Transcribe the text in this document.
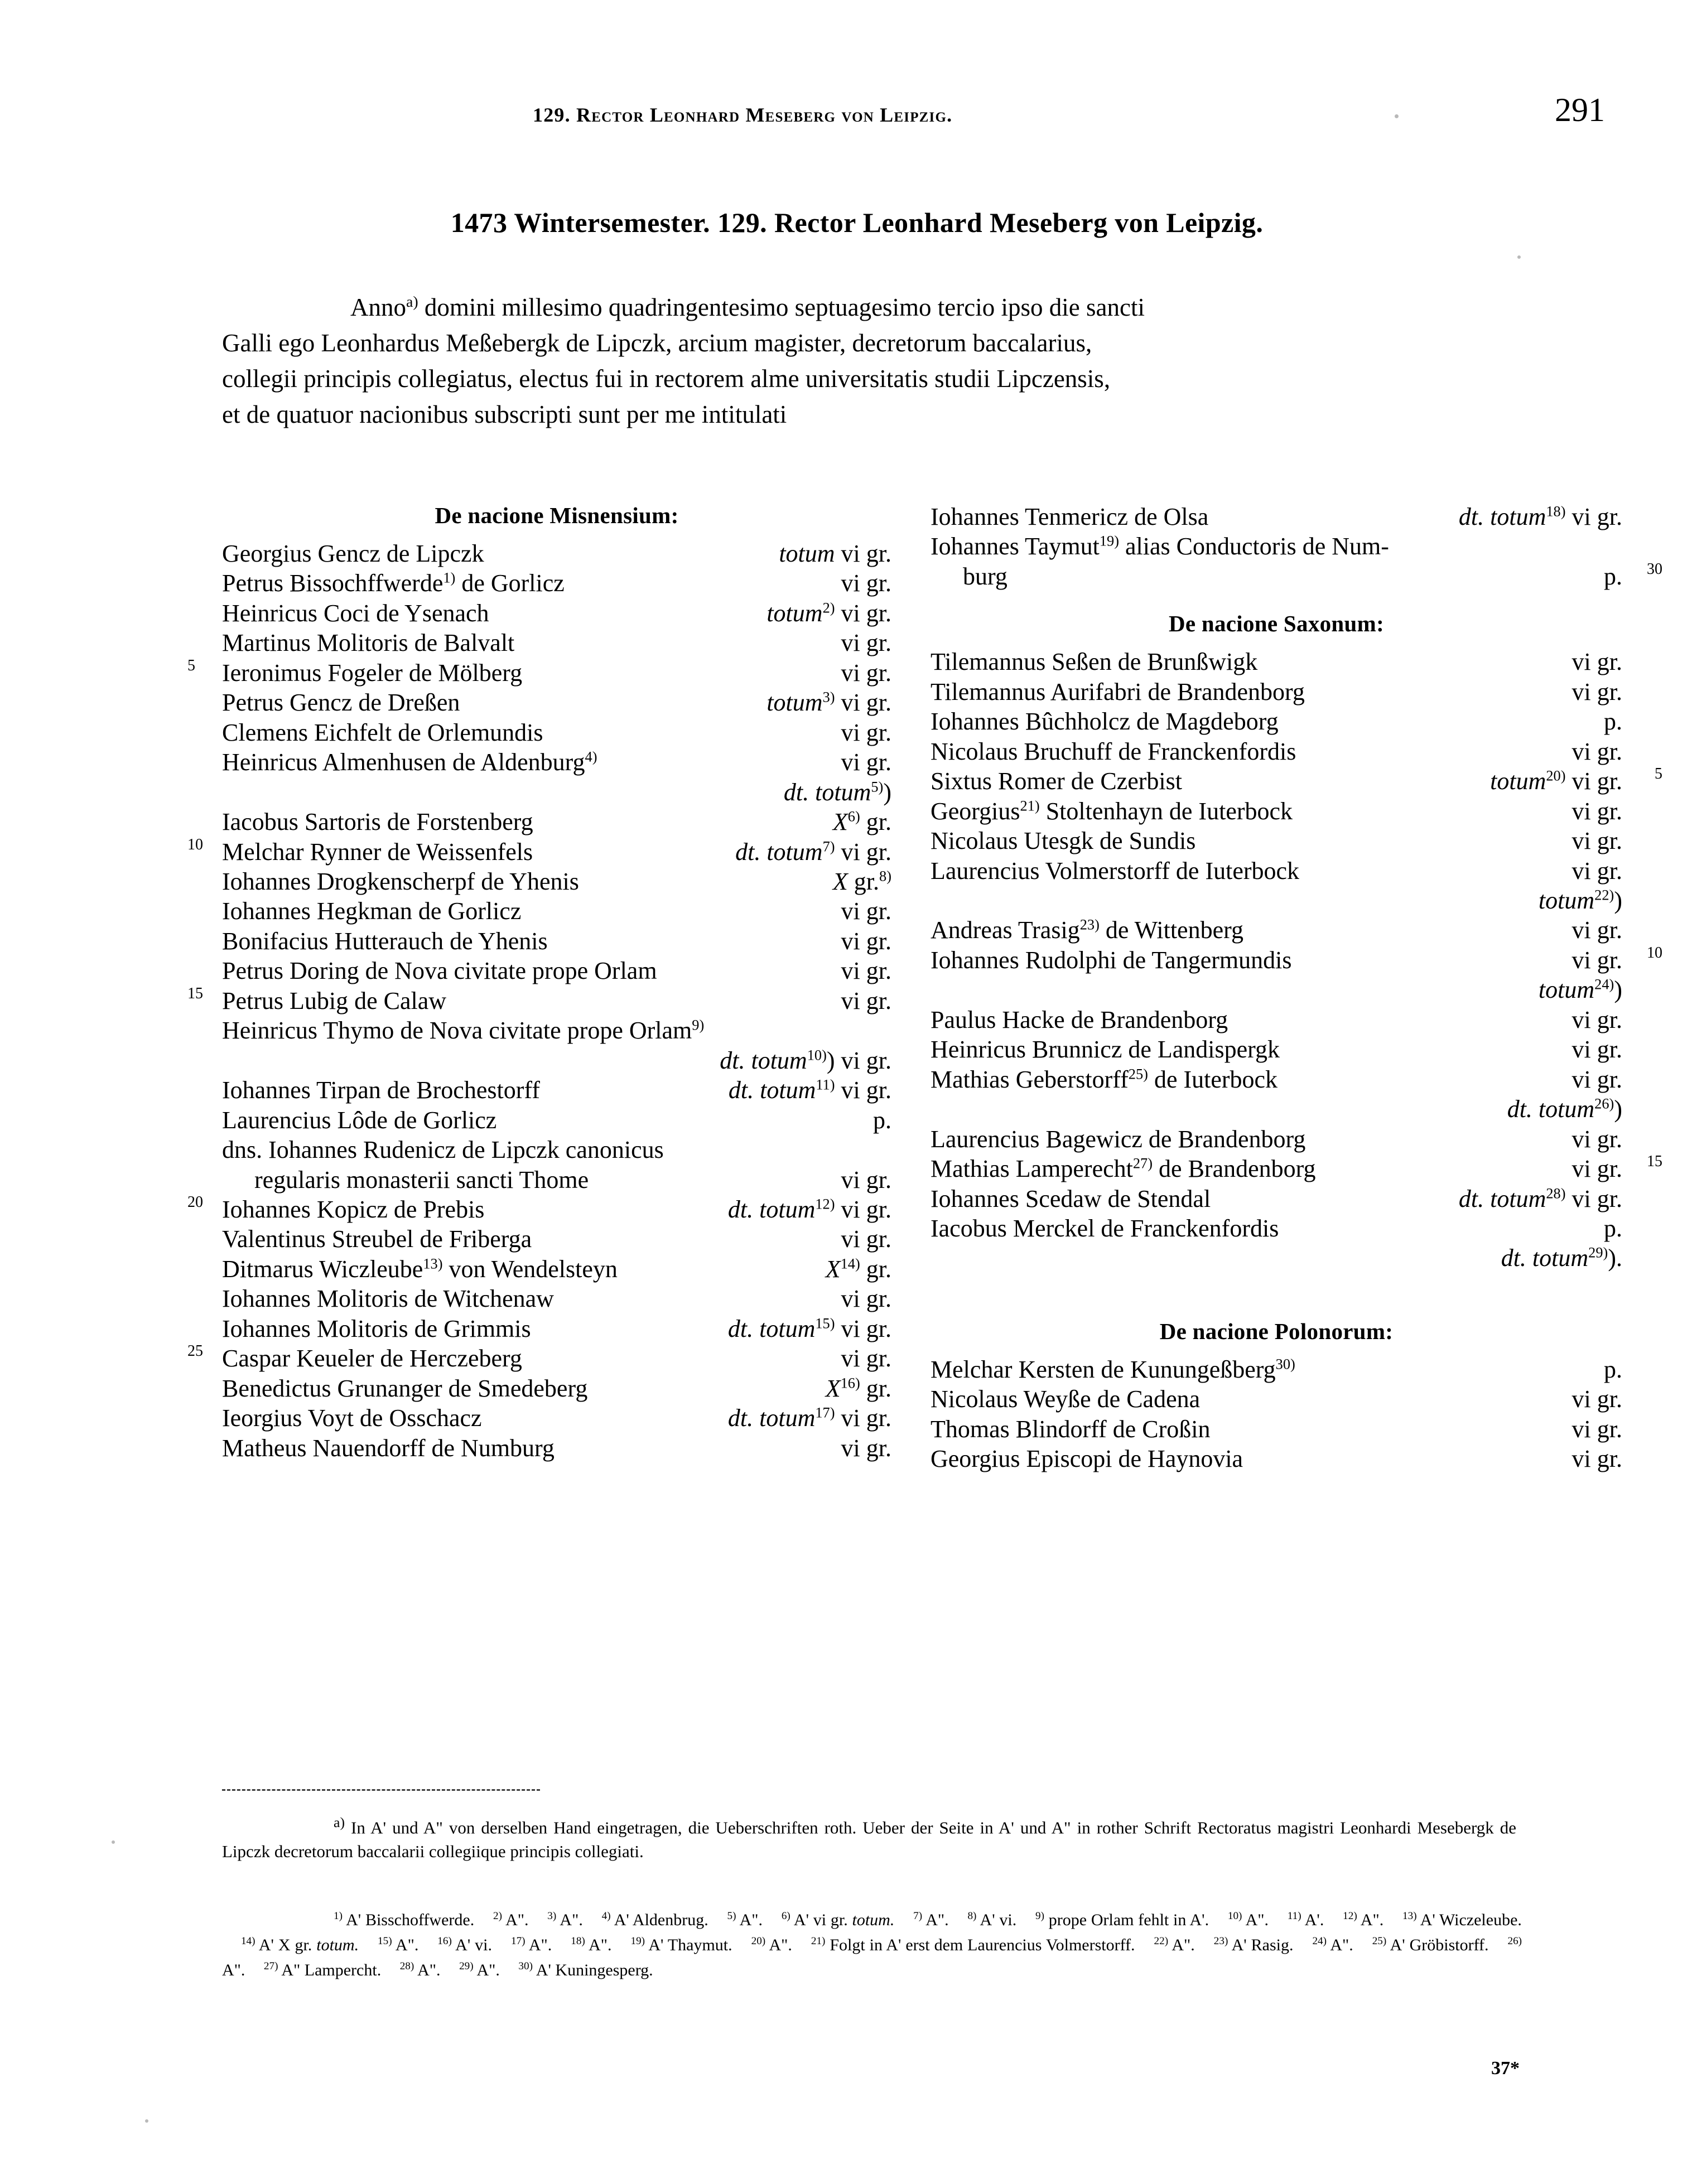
129. Rector Leonhard Meseberg von Leipzig.	291
1473 Wintersemester. 129. Rector Leonhard Meseberg von Leipzig.
Anno$^{a)}$ domini millesimo quadringentesimo septuagesimo tercio ipso die sancti
Galli ego Leonhardus Meßebergk de Lipczk, arcium magister, decretorum baccalarius,
collegii principis collegiatus, electus fui in rectorem alme universitatis studii Lipczensis,
et de quatuor nacionibus subscripti sunt per me intitulati
De nacione Misnensium:
Georgius Gencz de Lipczk	totum vi gr.
Petrus Bissochffwerde$^{1)}$ de Gorlicz	vi gr.
Heinricus Coci de Ysenach	totum$^{2)}$ vi gr.
Martinus Molitoris de Balvalt	vi gr.
5 Ieronimus Fogeler de Mölberg	vi gr.
Petrus Gencz de Dreßen	totum$^{3)}$ vi gr.
Clemens Eichfelt de Orlemundis	vi gr.
Heinricus Almenhusen de Aldenburg$^{4)}$	vi gr.
dt. totum$^{5)}$)
Iacobus Sartoris de Forstenberg	X$^{6)}$ gr.
10 Melchar Rynner de Weissenfels	dt. totum$^{7)}$ vi gr.
Iohannes Drogkenscherpf de Yhenis	X gr.$^{8)}$
Iohannes Hegkman de Gorlicz	vi gr.
Bonifacius Hutterauch de Yhenis	vi gr.
Petrus Doring de Nova civitate prope Orlam	vi gr.
15 Petrus Lubig de Calaw	vi gr.
Heinricus Thymo de Nova civitate prope Orlam$^{9)}$
dt. totum$^{10)}$) vi gr.
Iohannes Tirpan de Brochestorff	dt. totum$^{11)}$ vi gr.
Laurencius Lôde de Gorlicz	p.
dns. Iohannes Rudenicz de Lipczk canonicus
regularis monasterii sancti Thome	vi gr.
20 Iohannes Kopicz de Prebis	dt. totum$^{12)}$ vi gr.
Valentinus Streubel de Friberga	vi gr.
Ditmarus Wiczleube$^{13)}$ von Wendelsteyn	X$^{14)}$ gr.
Iohannes Molitoris de Witchenaw	vi gr.
Iohannes Molitoris de Grimmis	dt. totum$^{15)}$ vi gr.
25 Caspar Keueler de Herczeberg	vi gr.
Benedictus Grunanger de Smedeberg	X$^{16)}$ gr.
Ieorgius Voyt de Osschacz	dt. totum$^{17)}$ vi gr.
Matheus Nauendorff de Numburg	vi gr.
Iohannes Tenmericz de Olsa	dt. totum$^{18)}$ vi gr.
Iohannes Taymut$^{19)}$ alias Conductoris de Num-
30
burg	p.
De nacione Saxonum:
Tilemannus Seßen de Brunßwigk	vi gr.
Tilemannus Aurifabri de Brandenborg	vi gr.
Iohannes Bûchholcz de Magdeborg	p.
Nicolaus Bruchuff de Franckenfordis	vi gr.
5
Sixtus Romer de Czerbist	totum$^{20)}$ vi gr.
Georgius$^{21)}$ Stoltenhayn de Iuterbock	vi gr.
Nicolaus Utesgk de Sundis	vi gr.
Laurencius Volmerstorff de Iuterbock	vi gr.
totum$^{22)}$)
Andreas Trasig$^{23)}$ de Wittenberg	vi gr.
10
Iohannes Rudolphi de Tangermundis	vi gr.
totum$^{24)}$)
Paulus Hacke de Brandenborg	vi gr.
Heinricus Brunnicz de Landispergk	vi gr.
Mathias Geberstorff$^{25)}$ de Iuterbock	vi gr.
dt. totum$^{26)}$)
Laurencius Bagewicz de Brandenborg	vi gr.
15
Mathias Lamperecht$^{27)}$ de Brandenborg	vi gr.
Iohannes Scedaw de Stendal	dt. totum$^{28)}$ vi gr.
Iacobus Merckel de Franckenfordis	p.
dt. totum$^{29)}$).
De nacione Polonorum:
Melchar Kersten de Kunungeßberg$^{30)}$	p.
Nicolaus Weyße de Cadena	vi gr.
Thomas Blindorff de Croßin	vi gr.
Georgius Episcopi de Haynovia	vi gr.
$^{a)}$ In A' und A" von derselben Hand eingetragen, die Ueberschriften roth. Ueber der Seite in A' und A" in rother Schrift Rectoratus magistri Leonhardi Mesebergk de Lipczk decretorum baccalarii collegiique principis collegiati.
$^{1)}$ A' Bisschoffwerde. $^{2)}$ A". $^{3)}$ A". $^{4)}$ A' Aldenbrug. $^{5)}$ A". $^{6)}$ A' vi gr. totum. $^{7)}$ A". $^{8)}$ A' vi. $^{9)}$ prope Orlam fehlt in A'. $^{10)}$ A". $^{11)}$ A'. $^{12)}$ A". $^{13)}$ A' Wiczeleube. $^{14)}$ A' X gr. totum. $^{15)}$ A". $^{16)}$ A' vi. $^{17)}$ A". $^{18)}$ A". $^{19)}$ A' Thaymut. $^{20)}$ A". $^{21)}$ Folgt in A' erst dem Laurencius Volmerstorff. $^{22)}$ A". $^{23)}$ A' Rasig. $^{24)}$ A". $^{25)}$ A' Gröbistorff. $^{26)}$ A". $^{27)}$ A" Lampercht. $^{28)}$ A". $^{29)}$ A". $^{30)}$ A' Kuningesperg.
37*
